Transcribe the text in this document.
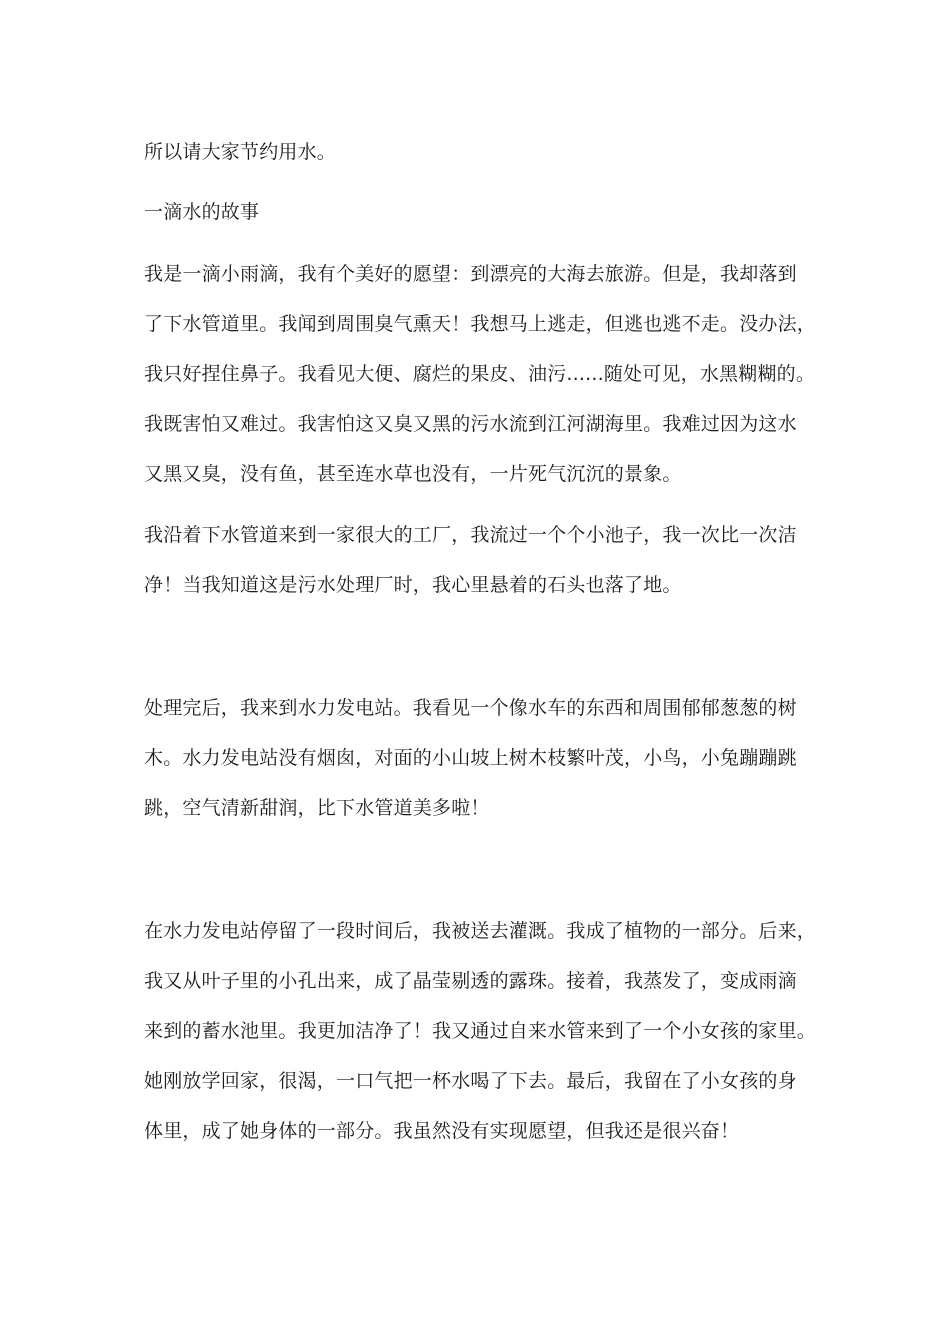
所以请大家节约用水。
一滴水的故事
我是一滴小雨滴，我有个美好的愿望：到漂亮的大海去旅游。但是，我却落到
了下水管道里。我闻到周围臭气熏天！我想马上逃走，但逃也逃不走。没办法，
我只好捏住鼻子。我看见大便、腐烂的果皮、油污......随处可见，水黑糊糊的。
我既害怕又难过。我害怕这又臭又黑的污水流到江河湖海里。我难过因为这水
又黑又臭，没有鱼，甚至连水草也没有，一片死气沉沉的景象。
我沿着下水管道来到一家很大的工厂，我流过一个个小池子，我一次比一次洁
净！当我知道这是污水处理厂时，我心里悬着的石头也落了地。
处理完后，我来到水力发电站。我看见一个像水车的东西和周围郁郁葱葱的树
木。水力发电站没有烟囱，对面的小山坡上树木枝繁叶茂，小鸟，小兔蹦蹦跳
跳，空气清新甜润，比下水管道美多啦！
在水力发电站停留了一段时间后，我被送去灌溉。我成了植物的一部分。后来，
我又从叶子里的小孔出来，成了晶莹剔透的露珠。接着，我蒸发了，变成雨滴
来到的蓄水池里。我更加洁净了！我又通过自来水管来到了一个小女孩的家里。
她刚放学回家，很渴，一口气把一杯水喝了下去。最后，我留在了小女孩的身
体里，成了她身体的一部分。我虽然没有实现愿望，但我还是很兴奋！
